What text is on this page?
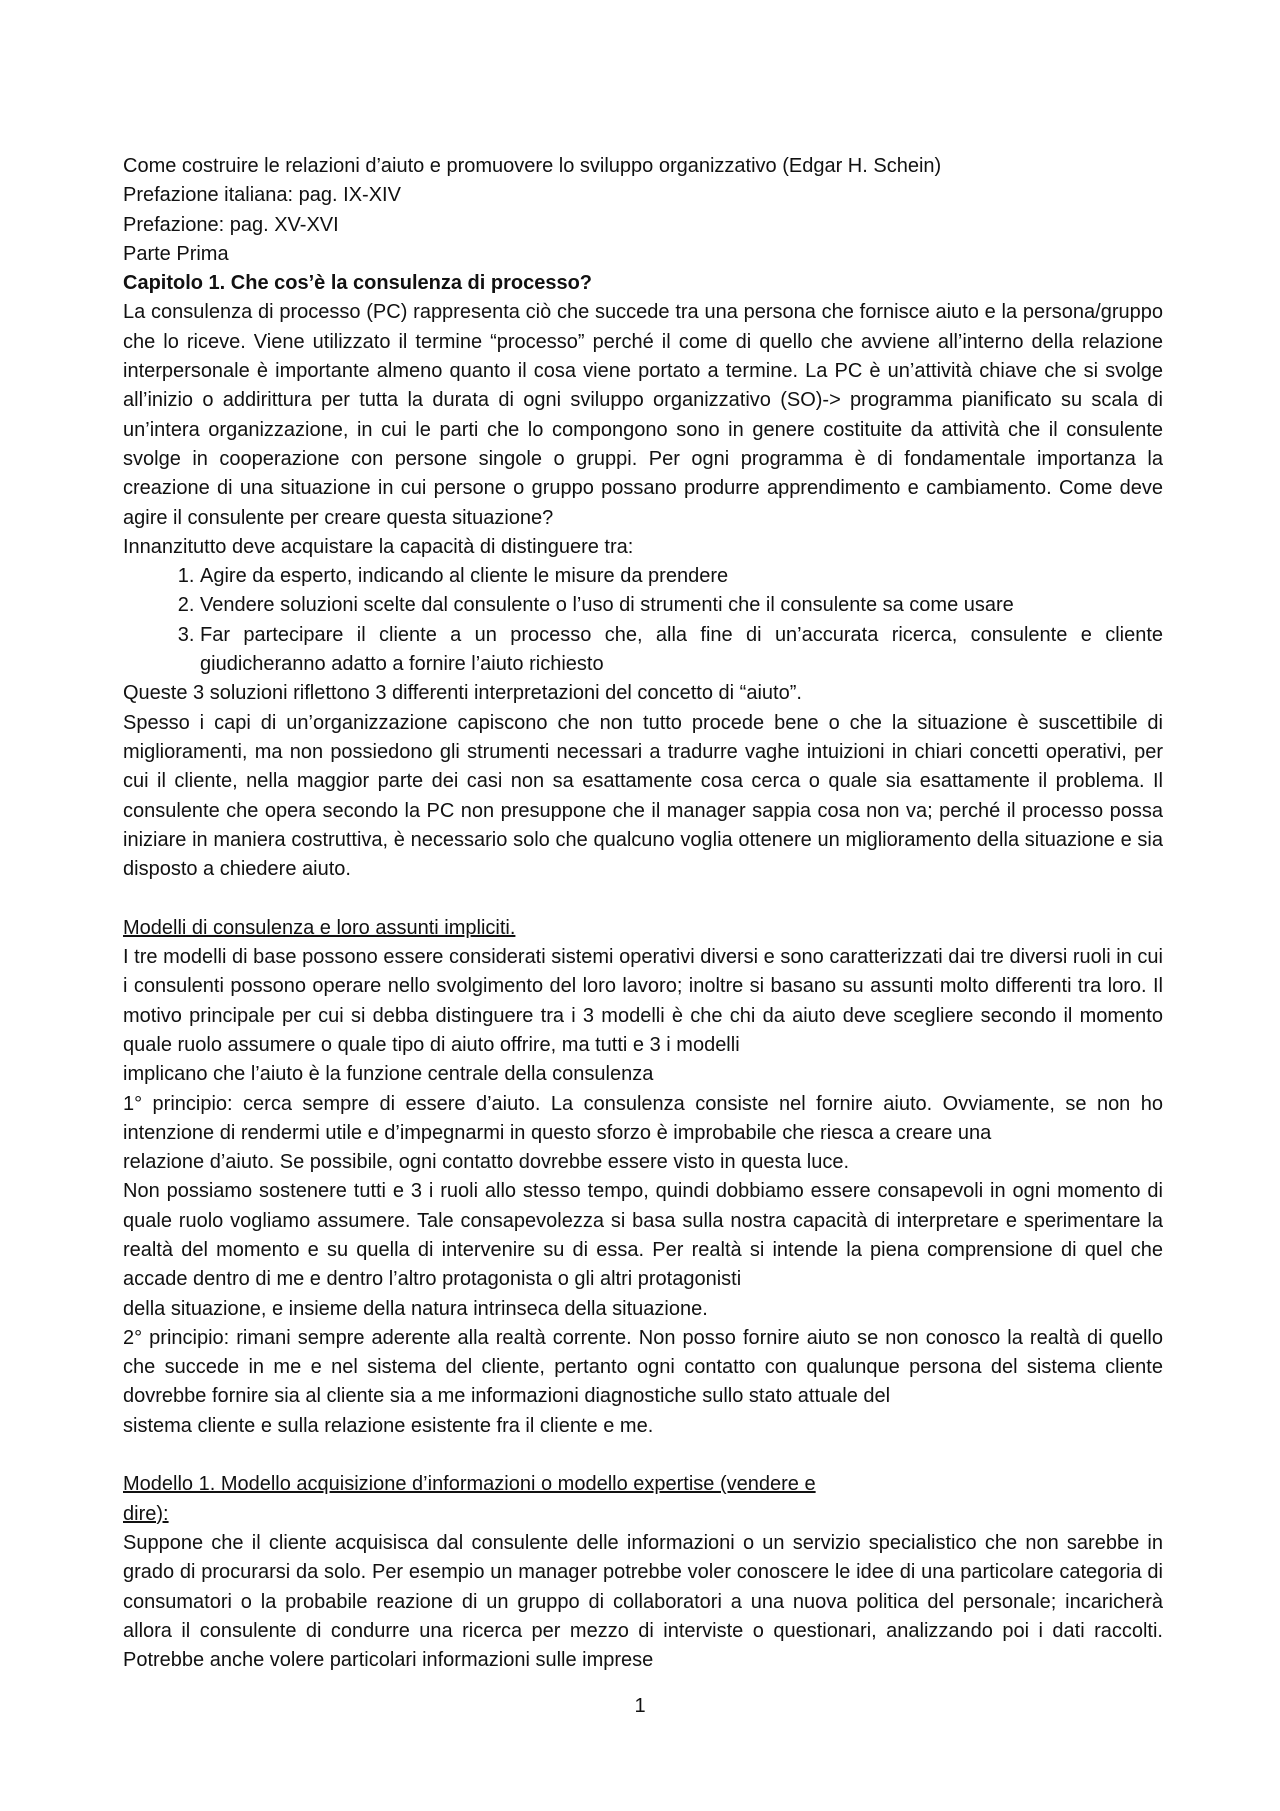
Come costruire le relazioni d’aiuto e promuovere lo sviluppo organizzativo (Edgar H. Schein)

Prefazione italiana: pag. IX-XIV

Prefazione: pag. XV-XVI

Parte Prima

Capitolo 1. Che cos’è la consulenza di processo?

La consulenza di processo (PC) rappresenta ciò che succede tra una persona che fornisce aiuto e la persona/gruppo che lo riceve. Viene utilizzato il termine “processo” perché il come di quello che avviene all’interno della relazione interpersonale è importante almeno quanto il cosa viene portato a termine. La PC è un’attività chiave che si svolge all’inizio o addirittura per tutta la durata di ogni sviluppo organizzativo (SO)-> programma pianificato su scala di un’intera organizzazione, in cui le parti che lo compongono sono in genere costituite da attività che il consulente svolge in cooperazione con persone singole o gruppi. Per ogni programma è di fondamentale importanza la creazione di una situazione in cui persone o gruppo possano produrre apprendimento e cambiamento. Come deve agire il consulente per creare questa situazione?

Innanzitutto deve acquistare la capacità di distinguere tra:

1. Agire da esperto, indicando al cliente le misure da prendere
2. Vendere soluzioni scelte dal consulente o l’uso di strumenti che il consulente sa come usare
3. Far partecipare il cliente a un processo che, alla fine di un’accurata ricerca, consulente e cliente giudicheranno adatto a fornire l’aiuto richiesto

Queste 3 soluzioni riflettono 3 differenti interpretazioni del concetto di “aiuto”.

Spesso i capi di un’organizzazione capiscono che non tutto procede bene o che la situazione è suscettibile di miglioramenti, ma non possiedono gli strumenti necessari a tradurre vaghe intuizioni in chiari concetti operativi, per cui il cliente, nella maggior parte dei casi non sa esattamente cosa cerca o quale sia esattamente il problema. Il consulente che opera secondo la PC non presuppone che il manager sappia cosa non va; perché il processo possa iniziare in maniera costruttiva, è necessario solo che qualcuno voglia ottenere un miglioramento della situazione e sia disposto a chiedere aiuto.

Modelli di consulenza e loro assunti impliciti.

I tre modelli di base possono essere considerati sistemi operativi diversi e sono caratterizzati dai tre diversi ruoli in cui i consulenti possono operare nello svolgimento del loro lavoro; inoltre si basano su assunti molto differenti tra loro. Il motivo principale per cui si debba distinguere tra i 3 modelli è che chi da aiuto deve scegliere secondo il momento quale ruolo assumere o quale tipo di aiuto offrire, ma tutti e 3 i modelli

implicano che l’aiuto è la funzione centrale della consulenza

1° principio: cerca sempre di essere d’aiuto. La consulenza consiste nel fornire aiuto. Ovviamente, se non ho intenzione di rendermi utile e d’impegnarmi in questo sforzo è improbabile che riesca a creare una

relazione d’aiuto. Se possibile, ogni contatto dovrebbe essere visto in questa luce.

Non possiamo sostenere tutti e 3 i ruoli allo stesso tempo, quindi dobbiamo essere consapevoli in ogni momento di quale ruolo vogliamo assumere. Tale consapevolezza si basa sulla nostra capacità di interpretare e sperimentare la realtà del momento e su quella di intervenire su di essa. Per realtà si intende la piena comprensione di quel che accade dentro di me e dentro l’altro protagonista o gli altri protagonisti

della situazione, e insieme della natura intrinseca della situazione.

2° principio: rimani sempre aderente alla realtà corrente. Non posso fornire aiuto se non conosco la realtà di quello che succede in me e nel sistema del cliente, pertanto ogni contatto con qualunque persona del sistema cliente dovrebbe fornire sia al cliente sia a me informazioni diagnostiche sullo stato attuale del

sistema cliente e sulla relazione esistente fra il cliente e me.

Modello 1. Modello acquisizione d’informazioni o modello expertise (vendere e

dire):

Suppone che il cliente acquisisca dal consulente delle informazioni o un servizio specialistico che non sarebbe in grado di procurarsi da solo. Per esempio un manager potrebbe voler conoscere le idee di una particolare categoria di consumatori o la probabile reazione di un gruppo di collaboratori a una nuova politica del personale; incaricherà allora il consulente di condurre una ricerca per mezzo di interviste o questionari, analizzando poi i dati raccolti. Potrebbe anche volere particolari informazioni sulle imprese

1
